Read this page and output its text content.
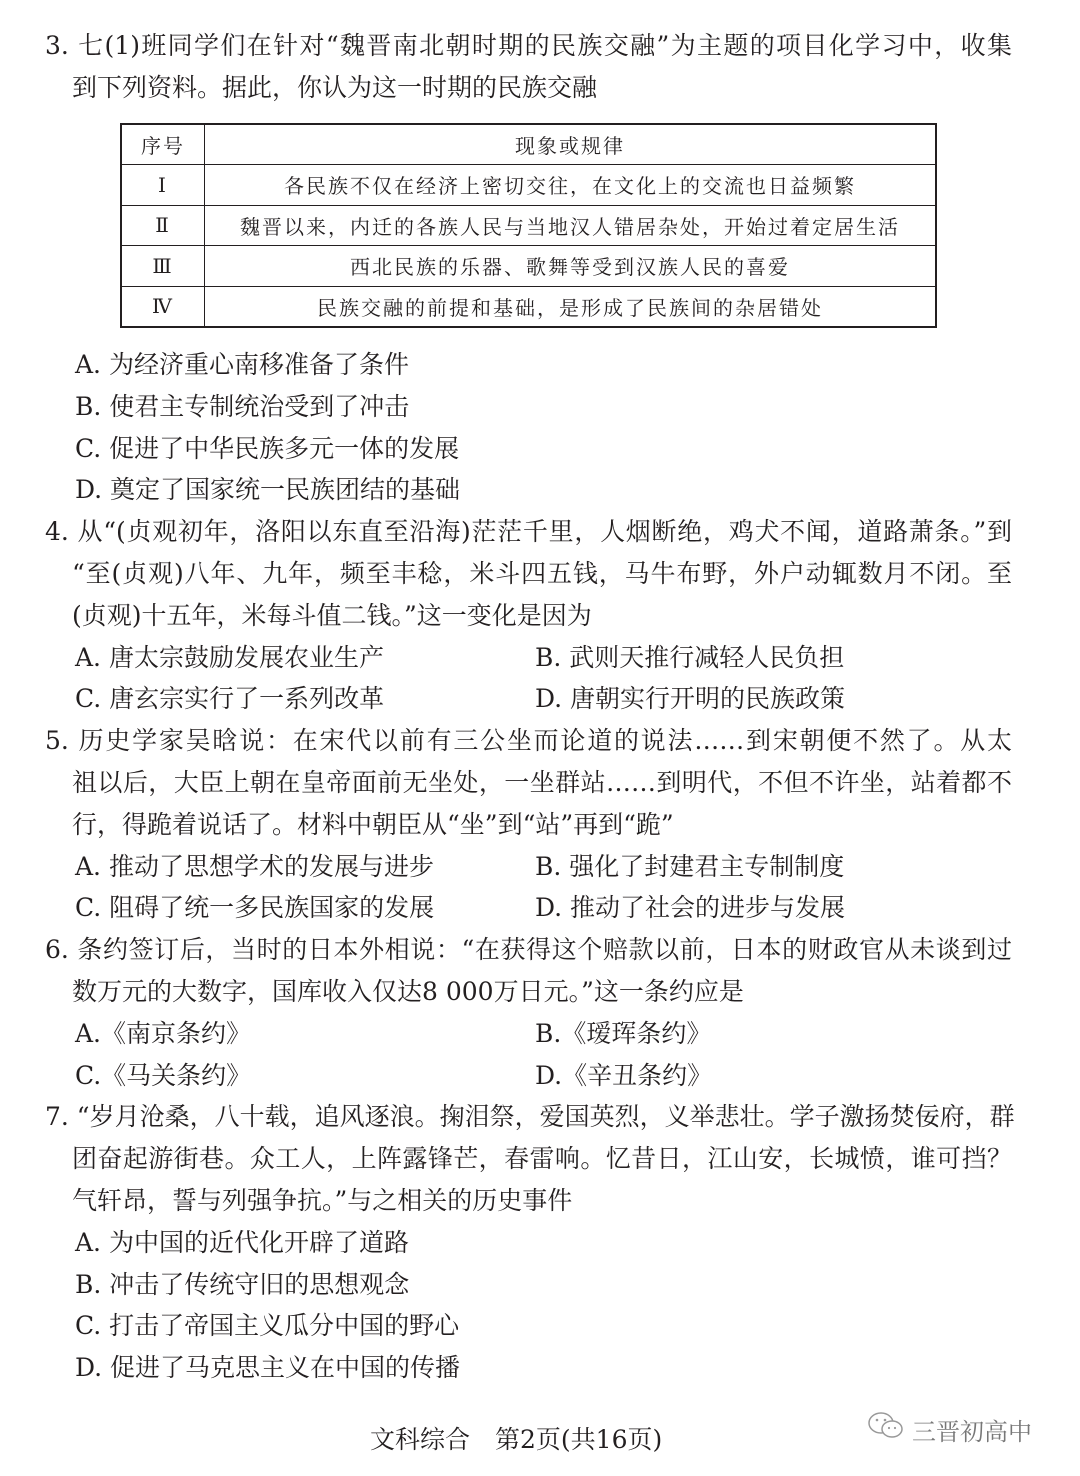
3. 七(1)班同学们在针对“魏晋南北朝时期的民族交融”为主题的项目化学习中，收集
到下列资料。据此，你认为这一时期的民族交融
序号	现象或规律
Ⅰ	各民族不仅在经济上密切交往，在文化上的交流也日益频繁
Ⅱ	魏晋以来，内迁的各族人民与当地汉人错居杂处，开始过着定居生活
Ⅲ	西北民族的乐器、歌舞等受到汉族人民的喜爱
Ⅳ	民族交融的前提和基础，是形成了民族间的杂居错处
A. 为经济重心南移准备了条件
B. 使君主专制统治受到了冲击
C. 促进了中华民族多元一体的发展
D. 奠定了国家统一民族团结的基础
4. 从“(贞观初年，洛阳以东直至沿海)茫茫千里，人烟断绝，鸡犬不闻，道路萧条。”到
“至(贞观)八年、九年，频至丰稔，米斗四五钱，马牛布野，外户动辄数月不闭。至
(贞观)十五年，米每斗值二钱。”这一变化是因为
A. 唐太宗鼓励发展农业生产	B. 武则天推行减轻人民负担
C. 唐玄宗实行了一系列改革	D. 唐朝实行开明的民族政策
5. 历史学家吴晗说：在宋代以前有三公坐而论道的说法……到宋朝便不然了。从太
祖以后，大臣上朝在皇帝面前无坐处，一坐群站……到明代，不但不许坐，站着都不
行，得跪着说话了。材料中朝臣从“坐”到“站”再到“跪”
A. 推动了思想学术的发展与进步	B. 强化了封建君主专制制度
C. 阻碍了统一多民族国家的发展	D. 推动了社会的进步与发展
6. 条约签订后，当时的日本外相说：“在获得这个赔款以前，日本的财政官从未谈到过
数万元的大数字，国库收入仅达8 000万日元。”这一条约应是
A.《南京条约》	B.《瑷珲条约》
C.《马关条约》	D.《辛丑条约》
7. “岁月沧桑，八十载，追风逐浪。掬泪祭，爱国英烈，义举悲壮。学子激扬焚佞府，群
团奋起游街巷。众工人，上阵露锋芒，春雷响。忆昔日，江山安，长城愤，谁可挡？
气轩昂，誓与列强争抗。”与之相关的历史事件
A. 为中国的近代化开辟了道路
B. 冲击了传统守旧的思想观念
C. 打击了帝国主义瓜分中国的野心
D. 促进了马克思主义在中国的传播
文科综合　第2页(共16页)	三晋初高中
